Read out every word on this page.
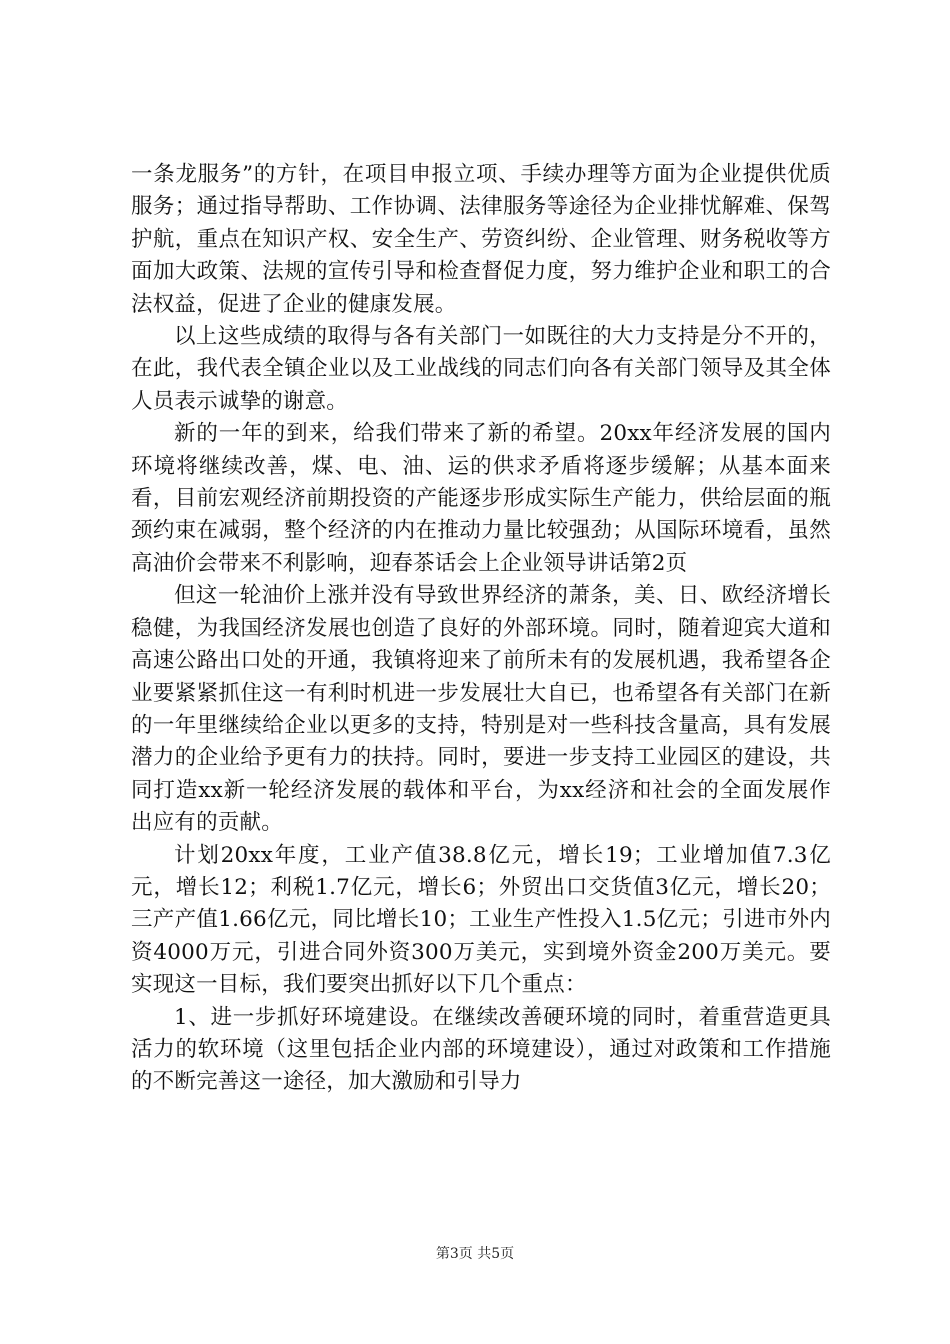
一条龙服务”的方针，在项目申报立项、手续办理等方面为企业提供优质服务；通过指导帮助、工作协调、法律服务等途径为企业排忧解难、保驾护航，重点在知识产权、安全生产、劳资纠纷、企业管理、财务税收等方面加大政策、法规的宣传引导和检查督促力度，努力维护企业和职工的合法权益，促进了企业的健康发展。

以上这些成绩的取得与各有关部门一如既往的大力支持是分不开的，在此，我代表全镇企业以及工业战线的同志们向各有关部门领导及其全体人员表示诚挚的谢意。

新的一年的到来，给我们带来了新的希望。20xx年经济发展的国内环境将继续改善，煤、电、油、运的供求矛盾将逐步缓解；从基本面来看，目前宏观经济前期投资的产能逐步形成实际生产能力，供给层面的瓶颈约束在减弱，整个经济的内在推动力量比较强劲；从国际环境看，虽然高油价会带来不利影响，迎春茶话会上企业领导讲话第2页

但这一轮油价上涨并没有导致世界经济的萧条，美、日、欧经济增长稳健，为我国经济发展也创造了良好的外部环境。同时，随着迎宾大道和高速公路出口处的开通，我镇将迎来了前所未有的发展机遇，我希望各企业要紧紧抓住这一有利时机进一步发展壮大自已，也希望各有关部门在新的一年里继续给企业以更多的支持，特别是对一些科技含量高，具有发展潜力的企业给予更有力的扶持。同时，要进一步支持工业园区的建设，共同打造xx新一轮经济发展的载体和平台，为xx经济和社会的全面发展作出应有的贡献。

计划20xx年度，工业产值38.8亿元，增长19；工业增加值7.3亿元，增长12；利税1.7亿元，增长6；外贸出口交货值3亿元，增长20；三产产值1.66亿元，同比增长10；工业生产性投入1.5亿元；引进市外内资4000万元，引进合同外资300万美元，实到境外资金200万美元。要实现这一目标，我们要突出抓好以下几个重点：

1、进一步抓好环境建设。在继续改善硬环境的同时，着重营造更具活力的软环境（这里包括企业内部的环境建设），通过对政策和工作措施的不断完善这一途径，加大激励和引导力

第3页 共5页
